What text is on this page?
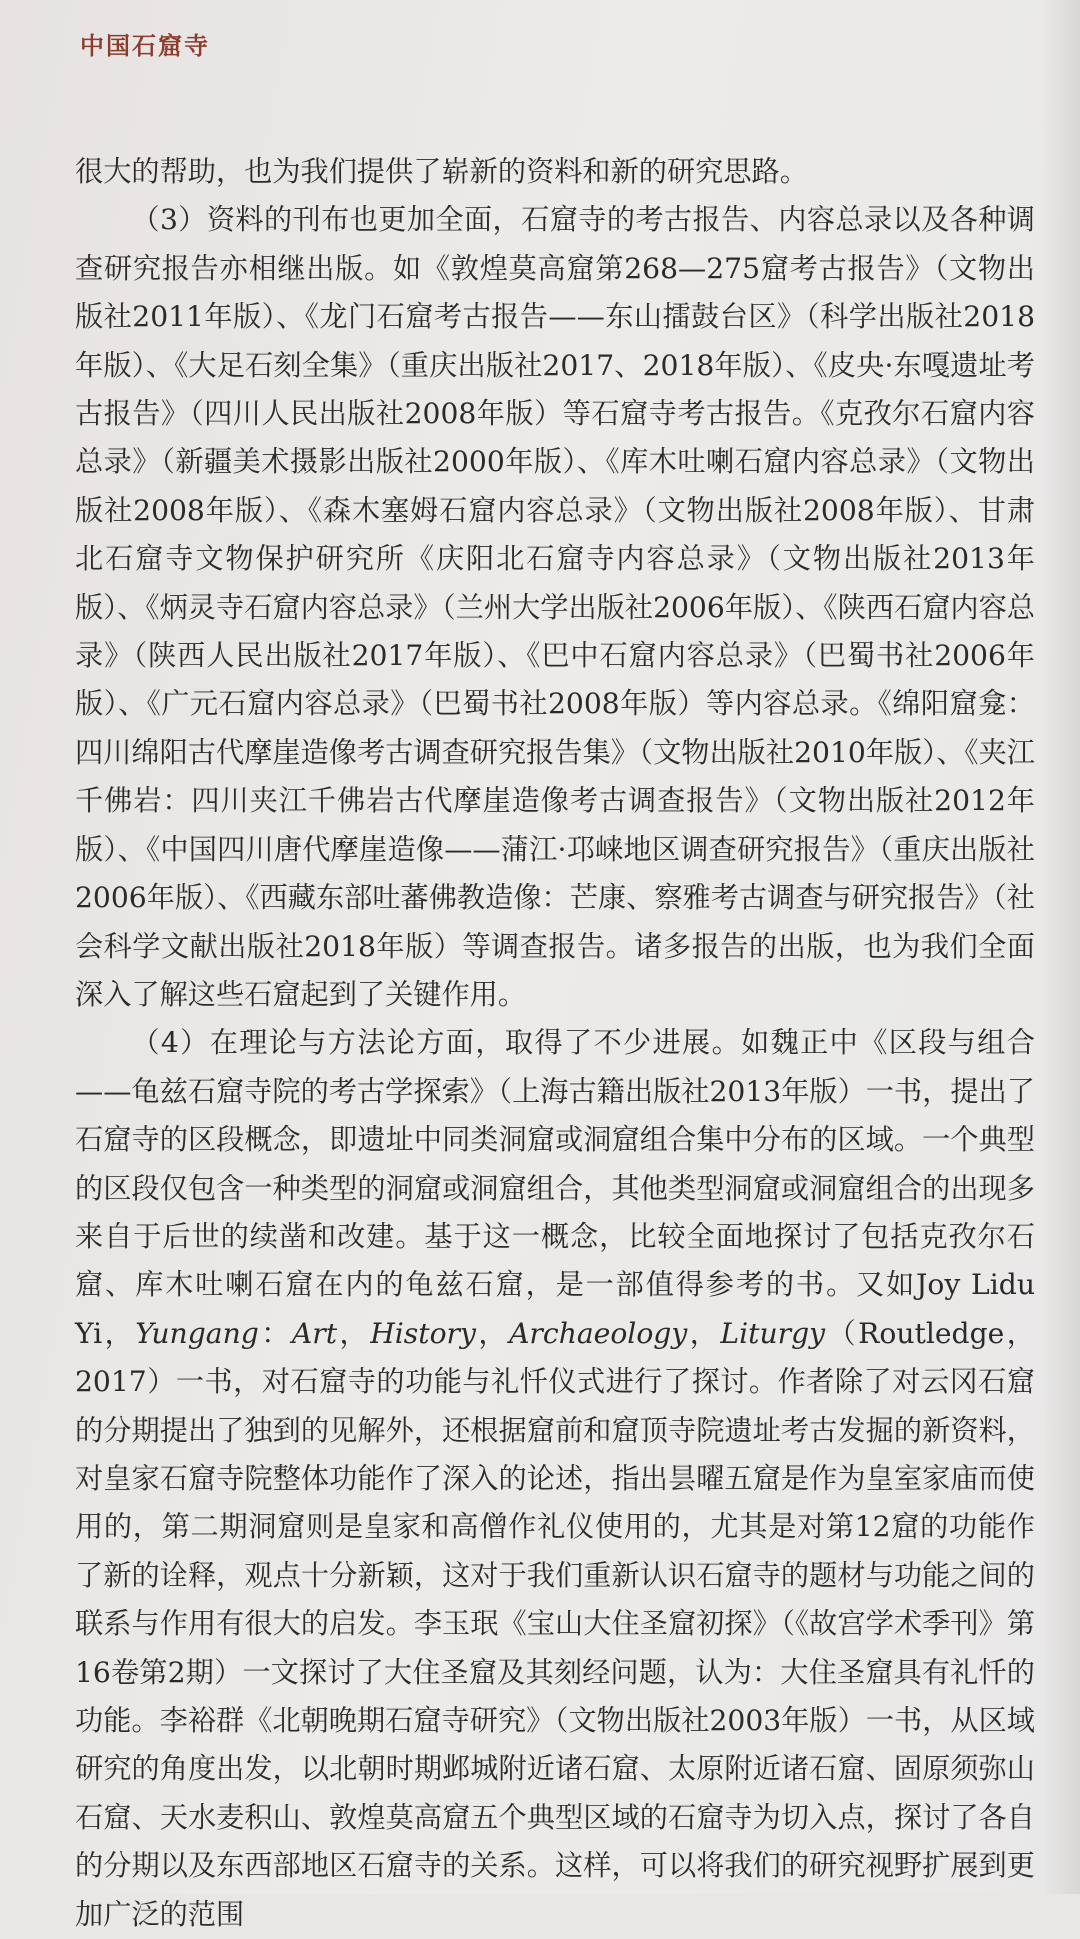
中国石窟寺

很大的帮助，也为我们提供了崭新的资料和新的研究思路。

（3）资料的刊布也更加全面，石窟寺的考古报告、内容总录以及各种调查研究报告亦相继出版。如《敦煌莫高窟第268—275窟考古报告》（文物出版社2011年版）、《龙门石窟考古报告——东山擂鼓台区》（科学出版社2018年版）、《大足石刻全集》（重庆出版社2017、2018年版）、《皮央·东嘎遗址考古报告》（四川人民出版社2008年版）等石窟寺考古报告。《克孜尔石窟内容总录》（新疆美术摄影出版社2000年版）、《库木吐喇石窟内容总录》（文物出版社2008年版）、《森木塞姆石窟内容总录》（文物出版社2008年版）、甘肃北石窟寺文物保护研究所《庆阳北石窟寺内容总录》（文物出版社2013年版）、《炳灵寺石窟内容总录》（兰州大学出版社2006年版）、《陕西石窟内容总录》（陕西人民出版社2017年版）、《巴中石窟内容总录》（巴蜀书社2006年版）、《广元石窟内容总录》（巴蜀书社2008年版）等内容总录。《绵阳窟龛：四川绵阳古代摩崖造像考古调查研究报告集》（文物出版社2010年版）、《夹江千佛岩：四川夹江千佛岩古代摩崖造像考古调查报告》（文物出版社2012年版）、《中国四川唐代摩崖造像——蒲江·邛崃地区调查研究报告》（重庆出版社2006年版）、《西藏东部吐蕃佛教造像：芒康、察雅考古调查与研究报告》（社会科学文献出版社2018年版）等调查报告。诸多报告的出版，也为我们全面深入了解这些石窟起到了关键作用。

（4）在理论与方法论方面，取得了不少进展。如魏正中《区段与组合——龟兹石窟寺院的考古学探索》（上海古籍出版社2013年版）一书，提出了石窟寺的区段概念，即遗址中同类洞窟或洞窟组合集中分布的区域。一个典型的区段仅包含一种类型的洞窟或洞窟组合，其他类型洞窟或洞窟组合的出现多来自于后世的续凿和改建。基于这一概念，比较全面地探讨了包括克孜尔石窟、库木吐喇石窟在内的龟兹石窟，是一部值得参考的书。又如Joy Lidu Yi，Yungang：Art，History，Archaeology，Liturgy（Routledge，2017）一书，对石窟寺的功能与礼忏仪式进行了探讨。作者除了对云冈石窟的分期提出了独到的见解外，还根据窟前和窟顶寺院遗址考古发掘的新资料，对皇家石窟寺院整体功能作了深入的论述，指出昙曜五窟是作为皇室家庙而使用的，第二期洞窟则是皇家和高僧作礼仪使用的，尤其是对第12窟的功能作了新的诠释，观点十分新颖，这对于我们重新认识石窟寺的题材与功能之间的联系与作用有很大的启发。李玉珉《宝山大住圣窟初探》（《故宫学术季刊》第16卷第2期）一文探讨了大住圣窟及其刻经问题，认为：大住圣窟具有礼忏的功能。李裕群《北朝晚期石窟寺研究》（文物出版社2003年版）一书，从区域研究的角度出发，以北朝时期邺城附近诸石窟、太原附近诸石窟、固原须弥山石窟、天水麦积山、敦煌莫高窟五个典型区域的石窟寺为切入点，探讨了各自的分期以及东西部地区石窟寺的关系。这样，可以将我们的研究视野扩展到更加广泛的范围
